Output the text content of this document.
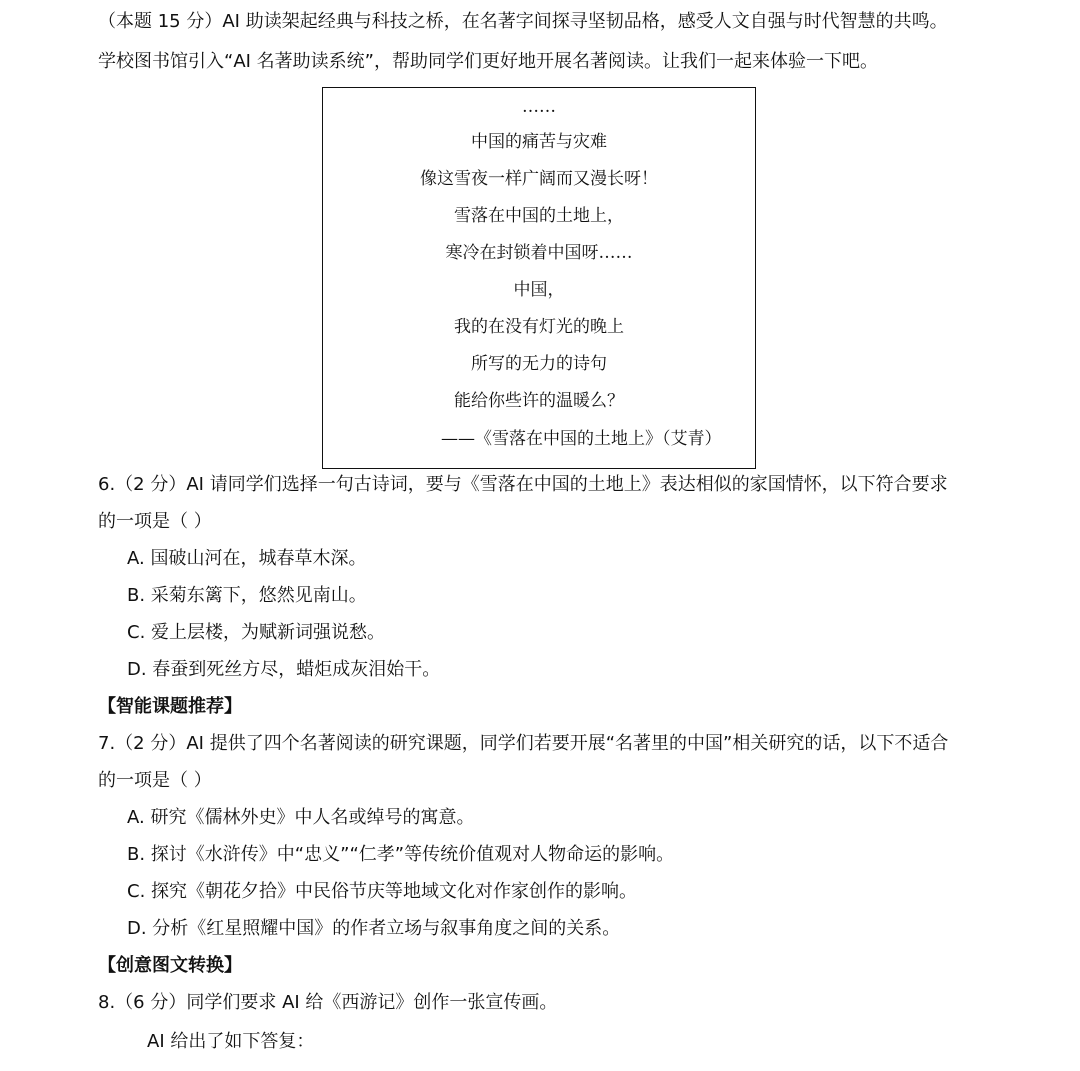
（本题 15 分）AI 助读架起经典与科技之桥，在名著字间探寻坚韧品格，感受人文自强与时代智慧的共鸣。
学校图书馆引入“AI 名著助读系统”，帮助同学们更好地开展名著阅读。让我们一起来体验一下吧。
……
中国的痛苦与灾难
像这雪夜一样广阔而又漫长呀！
雪落在中国的土地上，
寒冷在封锁着中国呀……
中国，
我的在没有灯光的晚上
所写的无力的诗句
能给你些许的温暖么？
——《雪落在中国的土地上》（艾青）
6.（2 分）AI 请同学们选择一句古诗词，要与《雪落在中国的土地上》表达相似的家国情怀，以下符合要求
的一项是（ ）
A. 国破山河在，城春草木深。
B. 采菊东篱下，悠然见南山。
C. 爱上层楼，为赋新词强说愁。
D. 春蚕到死丝方尽，蜡炬成灰泪始干。
【智能课题推荐】
7.（2 分）AI 提供了四个名著阅读的研究课题，同学们若要开展“名著里的中国”相关研究的话，以下不适合
的一项是（ ）
A. 研究《儒林外史》中人名或绰号的寓意。
B. 探讨《水浒传》中“忠义”“仁孝”等传统价值观对人物命运的影响。
C. 探究《朝花夕拾》中民俗节庆等地域文化对作家创作的影响。
D. 分析《红星照耀中国》的作者立场与叙事角度之间的关系。
【创意图文转换】
8.（6 分）同学们要求 AI 给《西游记》创作一张宣传画。
AI 给出了如下答复：
